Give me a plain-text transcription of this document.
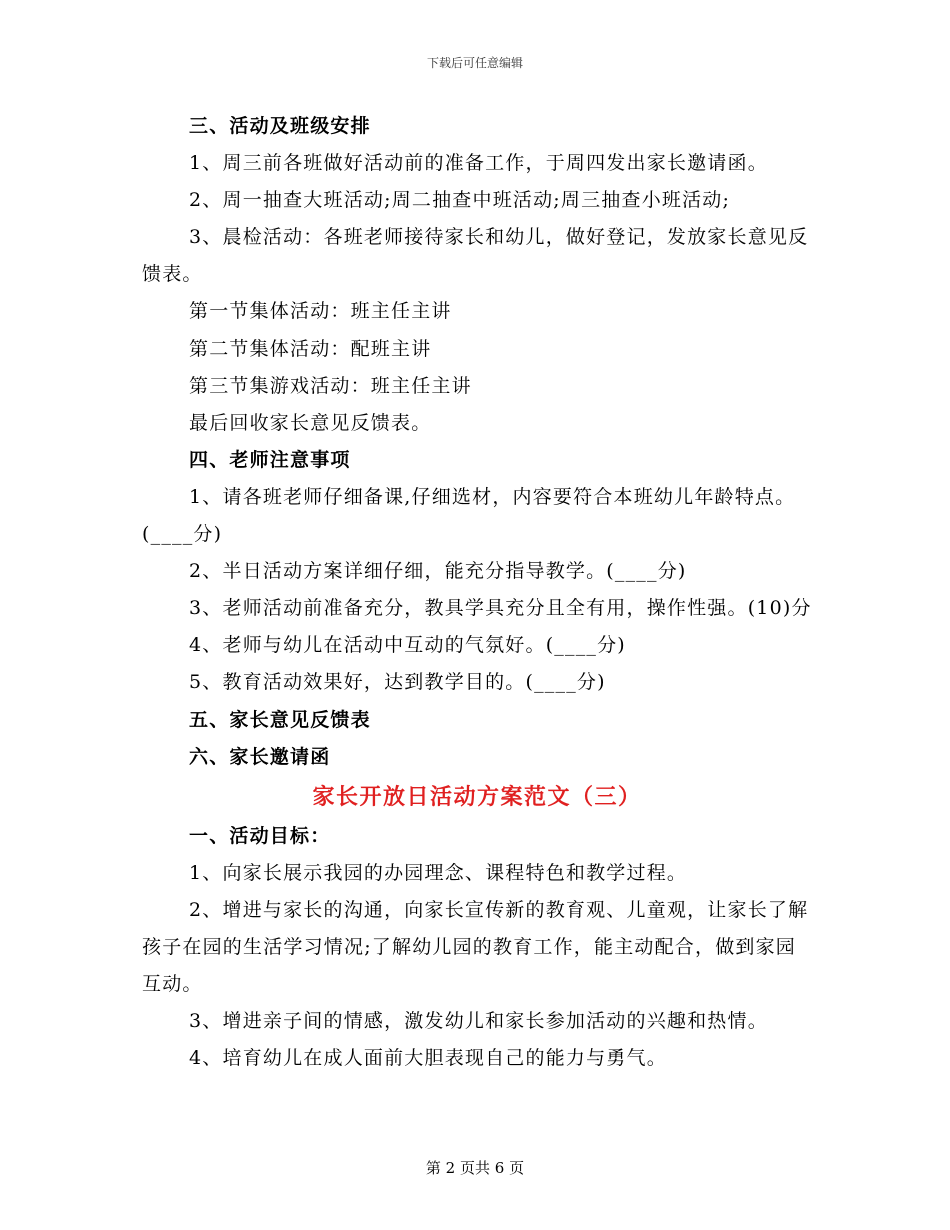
下载后可任意编辑

三、活动及班级安排

1、周三前各班做好活动前的准备工作，于周四发出家长邀请函。

2、周一抽查大班活动;周二抽查中班活动;周三抽查小班活动;

3、晨检活动：各班老师接待家长和幼儿，做好登记，发放家长意见反馈表。

第一节集体活动：班主任主讲

第二节集体活动：配班主讲

第三节集游戏活动：班主任主讲

最后回收家长意见反馈表。

四、老师注意事项

1、请各班老师仔细备课,仔细选材，内容要符合本班幼儿年龄特点。(____分)

2、半日活动方案详细仔细，能充分指导教学。(____分)

3、老师活动前准备充分，教具学具充分且全有用，操作性强。(10)分

4、老师与幼儿在活动中互动的气氛好。(____分)

5、教育活动效果好，达到教学目的。(____分)

五、家长意见反馈表

六、家长邀请函

家长开放日活动方案范文（三）

一、活动目标：

1、向家长展示我园的办园理念、课程特色和教学过程。

2、增进与家长的沟通，向家长宣传新的教育观、儿童观，让家长了解孩子在园的生活学习情况;了解幼儿园的教育工作，能主动配合，做到家园互动。

3、增进亲子间的情感，激发幼儿和家长参加活动的兴趣和热情。

4、培育幼儿在成人面前大胆表现自己的能力与勇气。

第 2 页共 6 页
